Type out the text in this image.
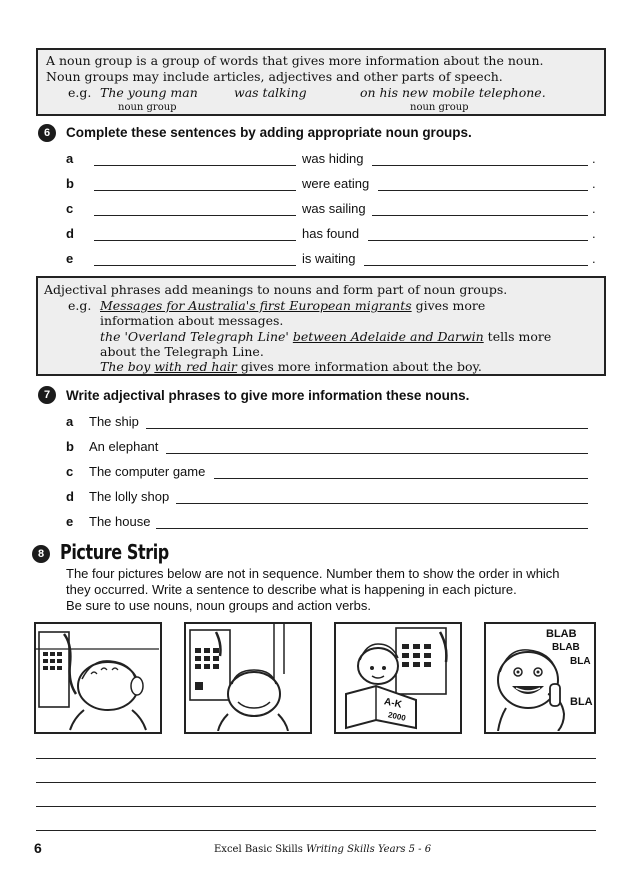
A noun group is a group of words that gives more information about the noun.
Noun groups may include articles, adjectives and other parts of speech.
e.g. The young man	was talking	on his new mobile telephone.
noun group	noun group
6	Complete these sentences by adding appropriate noun groups.
a	was hiding	.
b	were eating	.
c	was sailing	.
d	has found	.
e	is waiting	.
Adjectival phrases add meanings to nouns and form part of noun groups.
e.g. Messages for Australia's first European migrants gives more
information about messages.
the 'Overland Telegraph Line' between Adelaide and Darwin tells more
about the Telegraph Line.
The boy with red hair gives more information about the boy.
7	Write adjectival phrases to give more information these nouns.
a The ship
b An elephant
c The computer game
d The lolly shop
e The house
8 Picture Strip
The four pictures below are not in sequence. Number them to show the order in which
they occurred. Write a sentence to describe what is happening in each picture.
Be sure to use nouns, noun groups and action verbs.
A-K
2000
BLAB
BLAB
BLA
BLA
6	Excel Basic Skills Writing Skills Years 5 - 6
